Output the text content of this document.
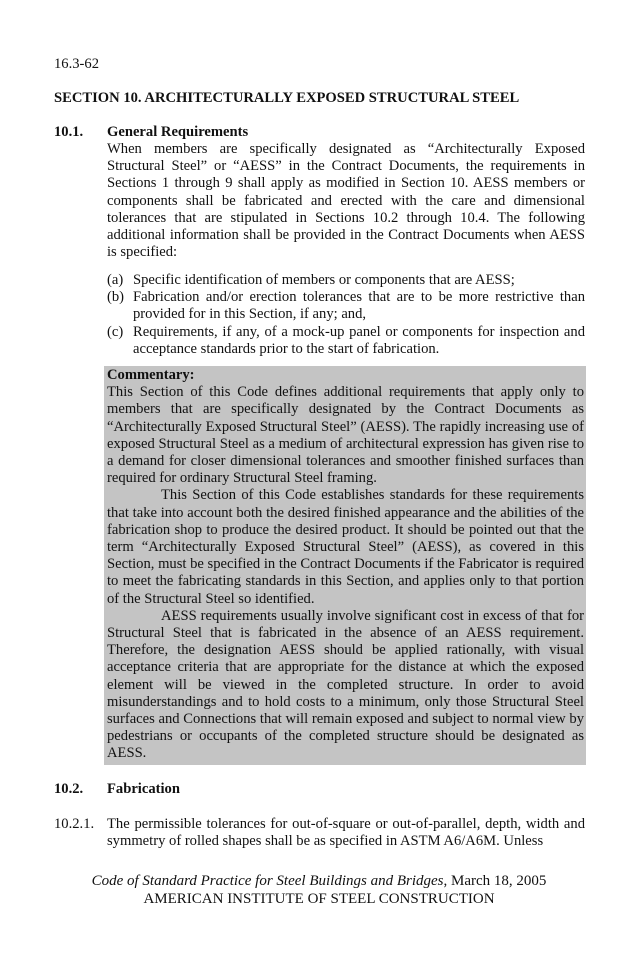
16.3-62
SECTION 10. ARCHITECTURALLY EXPOSED STRUCTURAL STEEL
10.1. General Requirements
When members are specifically designated as “Architecturally Exposed Structural Steel” or “AESS” in the Contract Documents, the requirements in Sections 1 through 9 shall apply as modified in Section 10. AESS members or components shall be fabricated and erected with the care and dimensional tolerances that are stipulated in Sections 10.2 through 10.4. The following additional information shall be provided in the Contract Documents when AESS is specified:
(a) Specific identification of members or components that are AESS;
(b) Fabrication and/or erection tolerances that are to be more restrictive than provided for in this Section, if any; and,
(c) Requirements, if any, of a mock-up panel or components for inspection and acceptance standards prior to the start of fabrication.
Commentary:

This Section of this Code defines additional requirements that apply only to members that are specifically designated by the Contract Documents as “Architecturally Exposed Structural Steel” (AESS). The rapidly increasing use of exposed Structural Steel as a medium of architectural expression has given rise to a demand for closer dimensional tolerances and smoother finished surfaces than required for ordinary Structural Steel framing.

This Section of this Code establishes standards for these requirements that take into account both the desired finished appearance and the abilities of the fabrication shop to produce the desired product. It should be pointed out that the term “Architecturally Exposed Structural Steel” (AESS), as covered in this Section, must be specified in the Contract Documents if the Fabricator is required to meet the fabricating standards in this Section, and applies only to that portion of the Structural Steel so identified.

AESS requirements usually involve significant cost in excess of that for Structural Steel that is fabricated in the absence of an AESS requirement. Therefore, the designation AESS should be applied rationally, with visual acceptance criteria that are appropriate for the distance at which the exposed element will be viewed in the completed structure. In order to avoid misunderstandings and to hold costs to a minimum, only those Structural Steel surfaces and Connections that will remain exposed and subject to normal view by pedestrians or occupants of the completed structure should be designated as AESS.

10.2. Fabrication
10.2.1. The permissible tolerances for out-of-square or out-of-parallel, depth, width and symmetry of rolled shapes shall be as specified in ASTM A6/A6M. Unless
Code of Standard Practice for Steel Buildings and Bridges, March 18, 2005
AMERICAN INSTITUTE OF STEEL CONSTRUCTION
